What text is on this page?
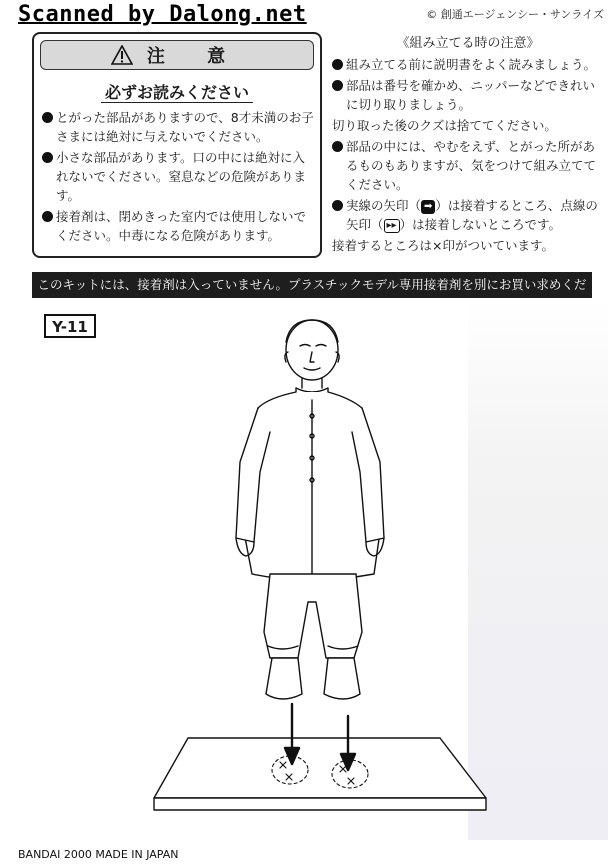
Scanned by Dalong.net	© 創通エージェンシー・サンライズ
注 意
必ずお読みください
とがった部品がありますので、8才未満のお子さまには絶対に与えないでください。
小さな部品があります。口の中には絶対に入れないでください。窒息などの危険があります。
接着剤は、閉めきった室内では使用しないでください。中毒になる危険があります。
《組み立てる時の注意》
組み立てる前に説明書をよく読みましょう。
部品は番号を確かめ、ニッパーなどできれいに切り取りましょう。
切り取った後のクズは捨ててください。
部品の中には、やむをえず、とがった所があるものもありますが、気をつけて組み立ててください。
実線の矢印（ ➡ ）は接着するところ、点線の矢印（ ▸▸ ）は接着しないところです。
接着するところは×印がついています。
このキットには、接着剤は入っていません。プラスチックモデル専用接着剤を別にお買い求めください。
Y-11
BANDAI 2000 MADE IN JAPAN
